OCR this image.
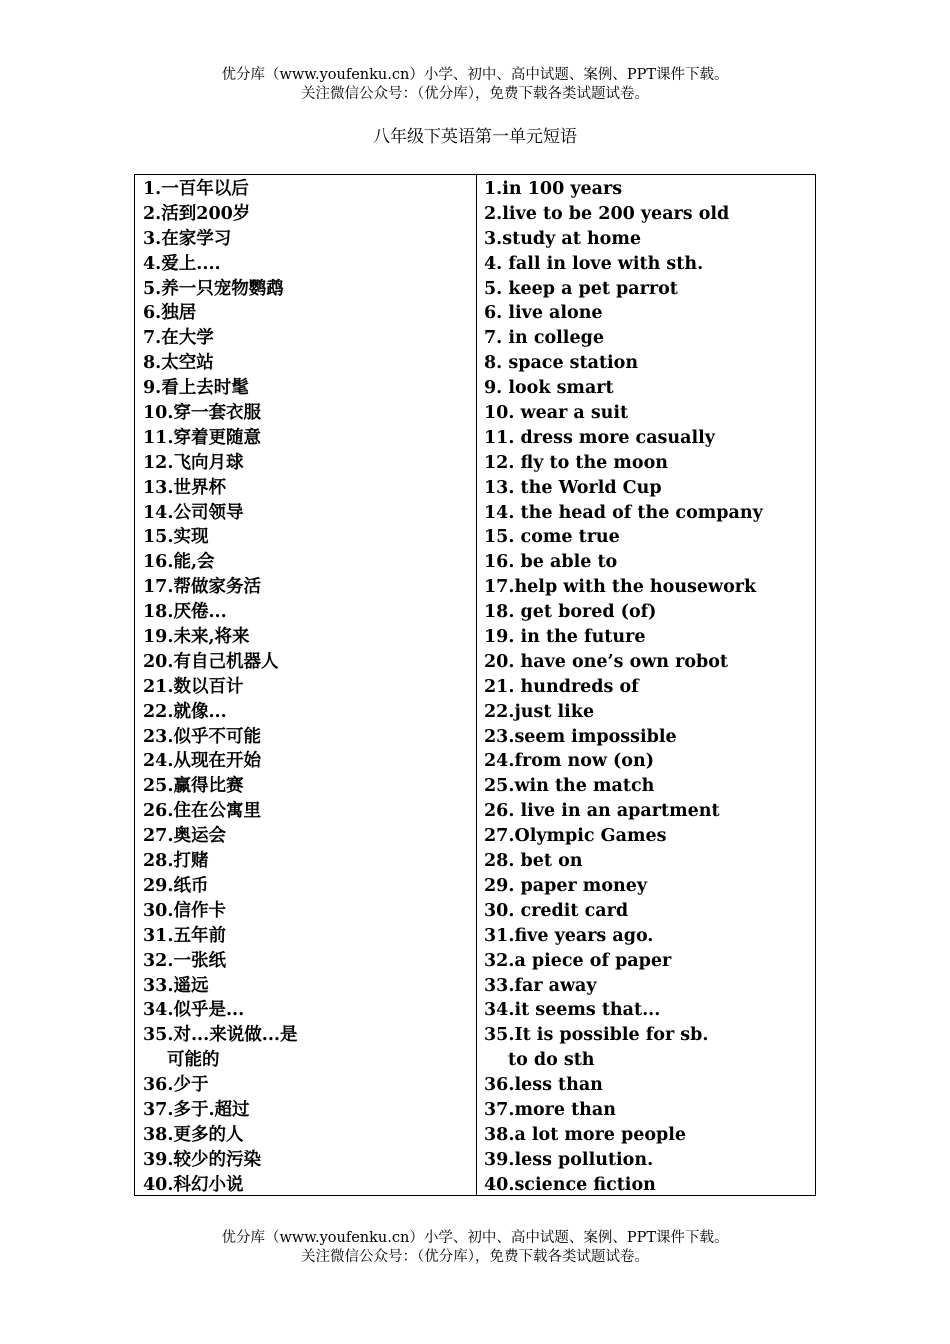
优分库（www.youfenku.cn）小学、初中、高中试题、案例、PPT课件下载。
关注微信公众号：（优分库），免费下载各类试题试卷。
八年级下英语第一单元短语
1.一百年以后
2.活到200岁
3.在家学习
4.爱上....
5.养一只宠物鹦鹉
6.独居
7.在大学
8.太空站
9.看上去时髦
10.穿一套衣服
11.穿着更随意
12.飞向月球
13.世界杯
14.公司领导
15.实现
16.能,会
17.帮做家务活
18.厌倦...
19.未来,将来
20.有自己机器人
21.数以百计
22.就像...
23.似乎不可能
24.从现在开始
25.赢得比赛
26.住在公寓里
27.奥运会
28.打赌
29.纸币
30.信作卡
31.五年前
32.一张纸
33.遥远
34.似乎是...
35.对...来说做...是
可能的
36.少于
37.多于.超过
38.更多的人
39.较少的污染
40.科幻小说
1.in 100 years
2.live to be 200 years old
3.study at home
4. fall in love with sth.
5. keep a pet parrot
6. live alone
7. in college
8. space station
9. look smart
10. wear a suit
11. dress more casually
12. fly to the moon
13. the World Cup
14. the head of the company
15. come true
16. be able to
17.help with the housework
18. get bored (of)
19. in the future
20. have one’s own robot
21. hundreds of
22.just like
23.seem impossible
24.from now (on)
25.win the match
26. live in an apartment
27.Olympic Games
28. bet on
29. paper money
30. credit card
31.five years ago.
32.a piece of paper
33.far away
34.it seems that...
35.It is possible for sb.
to do sth
36.less than
37.more than
38.a lot more people
39.less pollution.
40.science fiction
优分库（www.youfenku.cn）小学、初中、高中试题、案例、PPT课件下载。
关注微信公众号：（优分库），免费下载各类试题试卷。
